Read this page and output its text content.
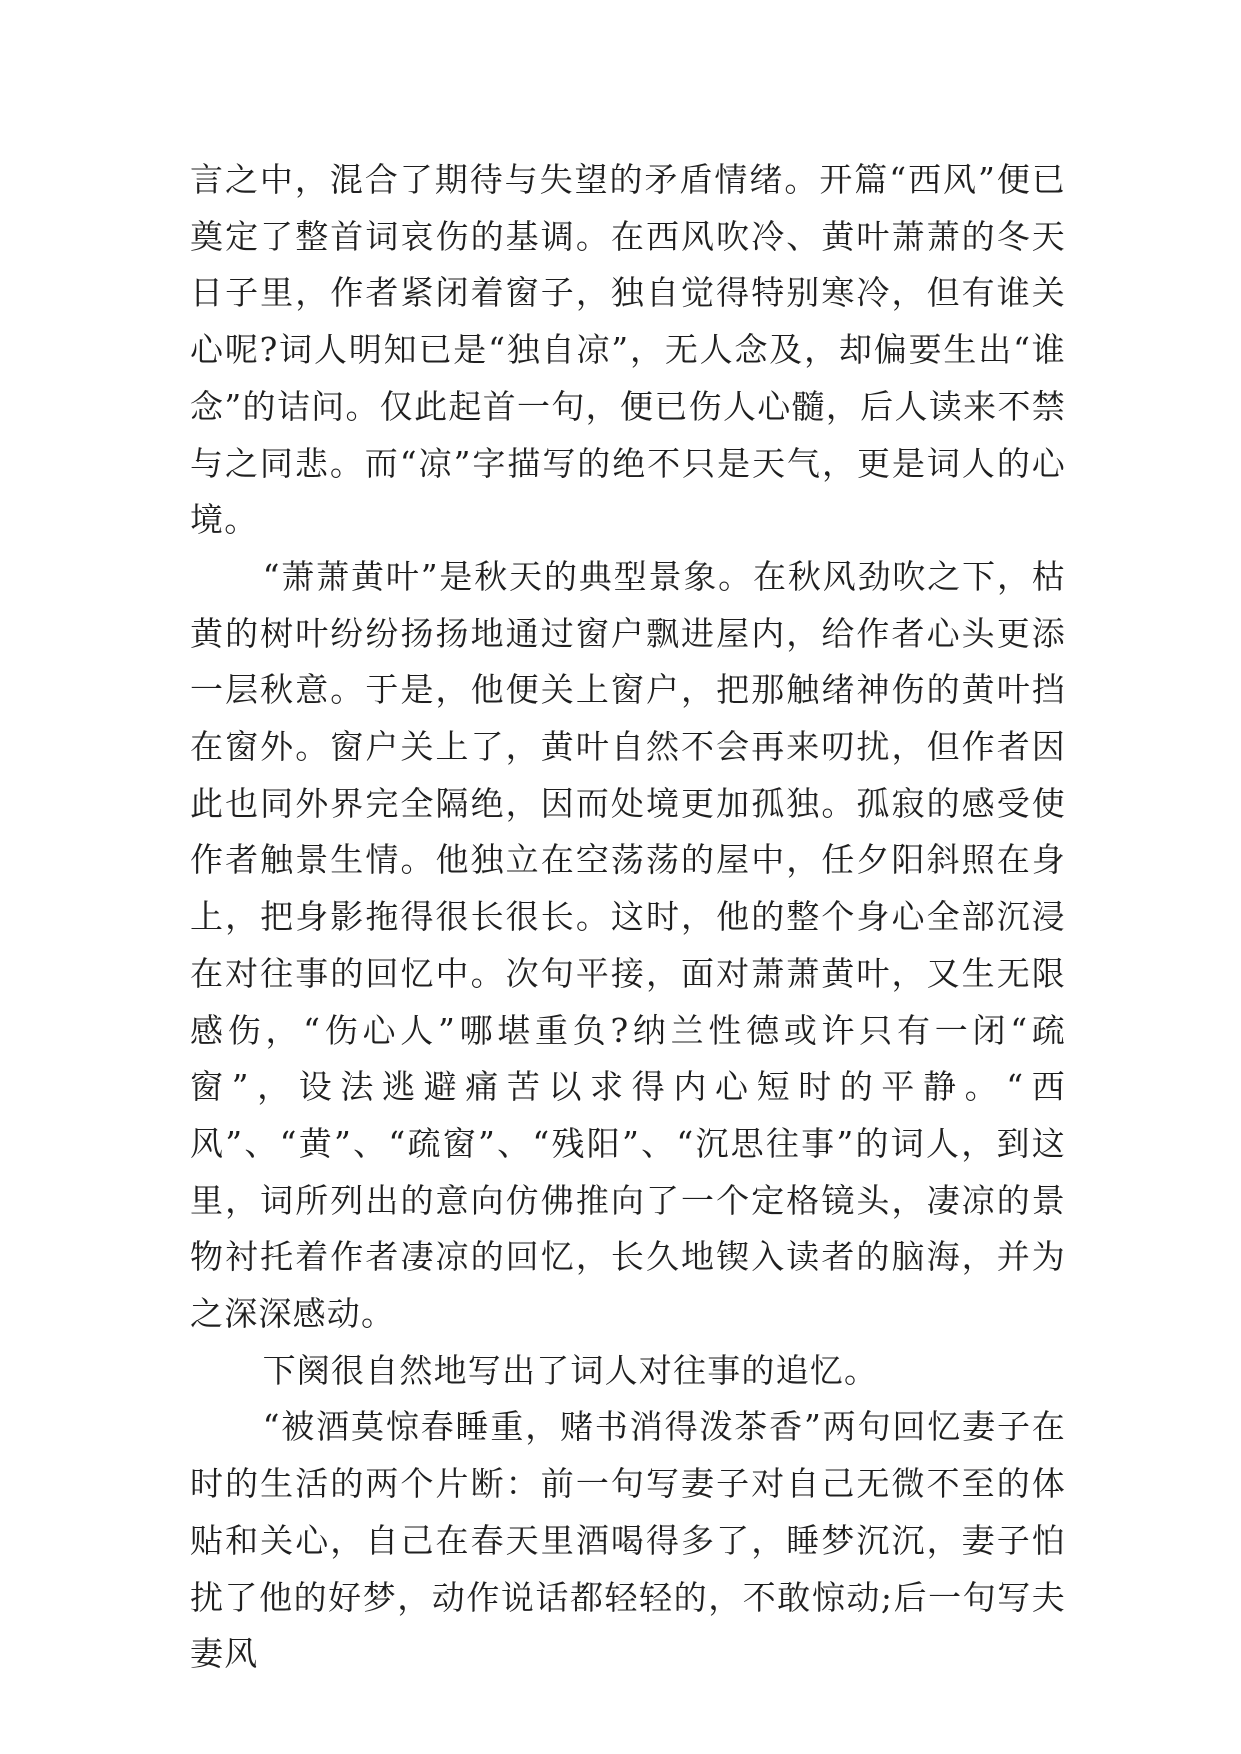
言之中，混合了期待与失望的矛盾情绪。开篇“西风”便已奠定了整首词哀伤的基调。在西风吹冷、黄叶萧萧的冬天日子里，作者紧闭着窗子，独自觉得特别寒冷，但有谁关心呢?词人明知已是“独自凉”，无人念及，却偏要生出“谁念”的诘问。仅此起首一句，便已伤人心髓，后人读来不禁与之同悲。而“凉”字描写的绝不只是天气，更是词人的心境。

“萧萧黄叶”是秋天的典型景象。在秋风劲吹之下，枯黄的树叶纷纷扬扬地通过窗户飘进屋内，给作者心头更添一层秋意。于是，他便关上窗户，把那触绪神伤的黄叶挡在窗外。窗户关上了，黄叶自然不会再来叨扰，但作者因此也同外界完全隔绝，因而处境更加孤独。孤寂的感受使作者触景生情。他独立在空荡荡的屋中，任夕阳斜照在身上，把身影拖得很长很长。这时，他的整个身心全部沉浸在对往事的回忆中。次句平接，面对萧萧黄叶，又生无限感伤，“伤心人”哪堪重负?纳兰性德或许只有一闭“疏窗”，设法逃避痛苦以求得内心短时的平静。“西风”、“黄”、“疏窗”、“残阳”、“沉思往事”的词人，到这里，词所列出的意向仿佛推向了一个定格镜头，凄凉的景物衬托着作者凄凉的回忆，长久地锲入读者的脑海，并为之深深感动。

下阕很自然地写出了词人对往事的追忆。

“被酒莫惊春睡重，赌书消得泼茶香”两句回忆妻子在时的生活的两个片断：前一句写妻子对自己无微不至的体贴和关心，自己在春天里酒喝得多了，睡梦沉沉，妻子怕扰了他的好梦，动作说话都轻轻的，不敢惊动;后一句写夫妻风
